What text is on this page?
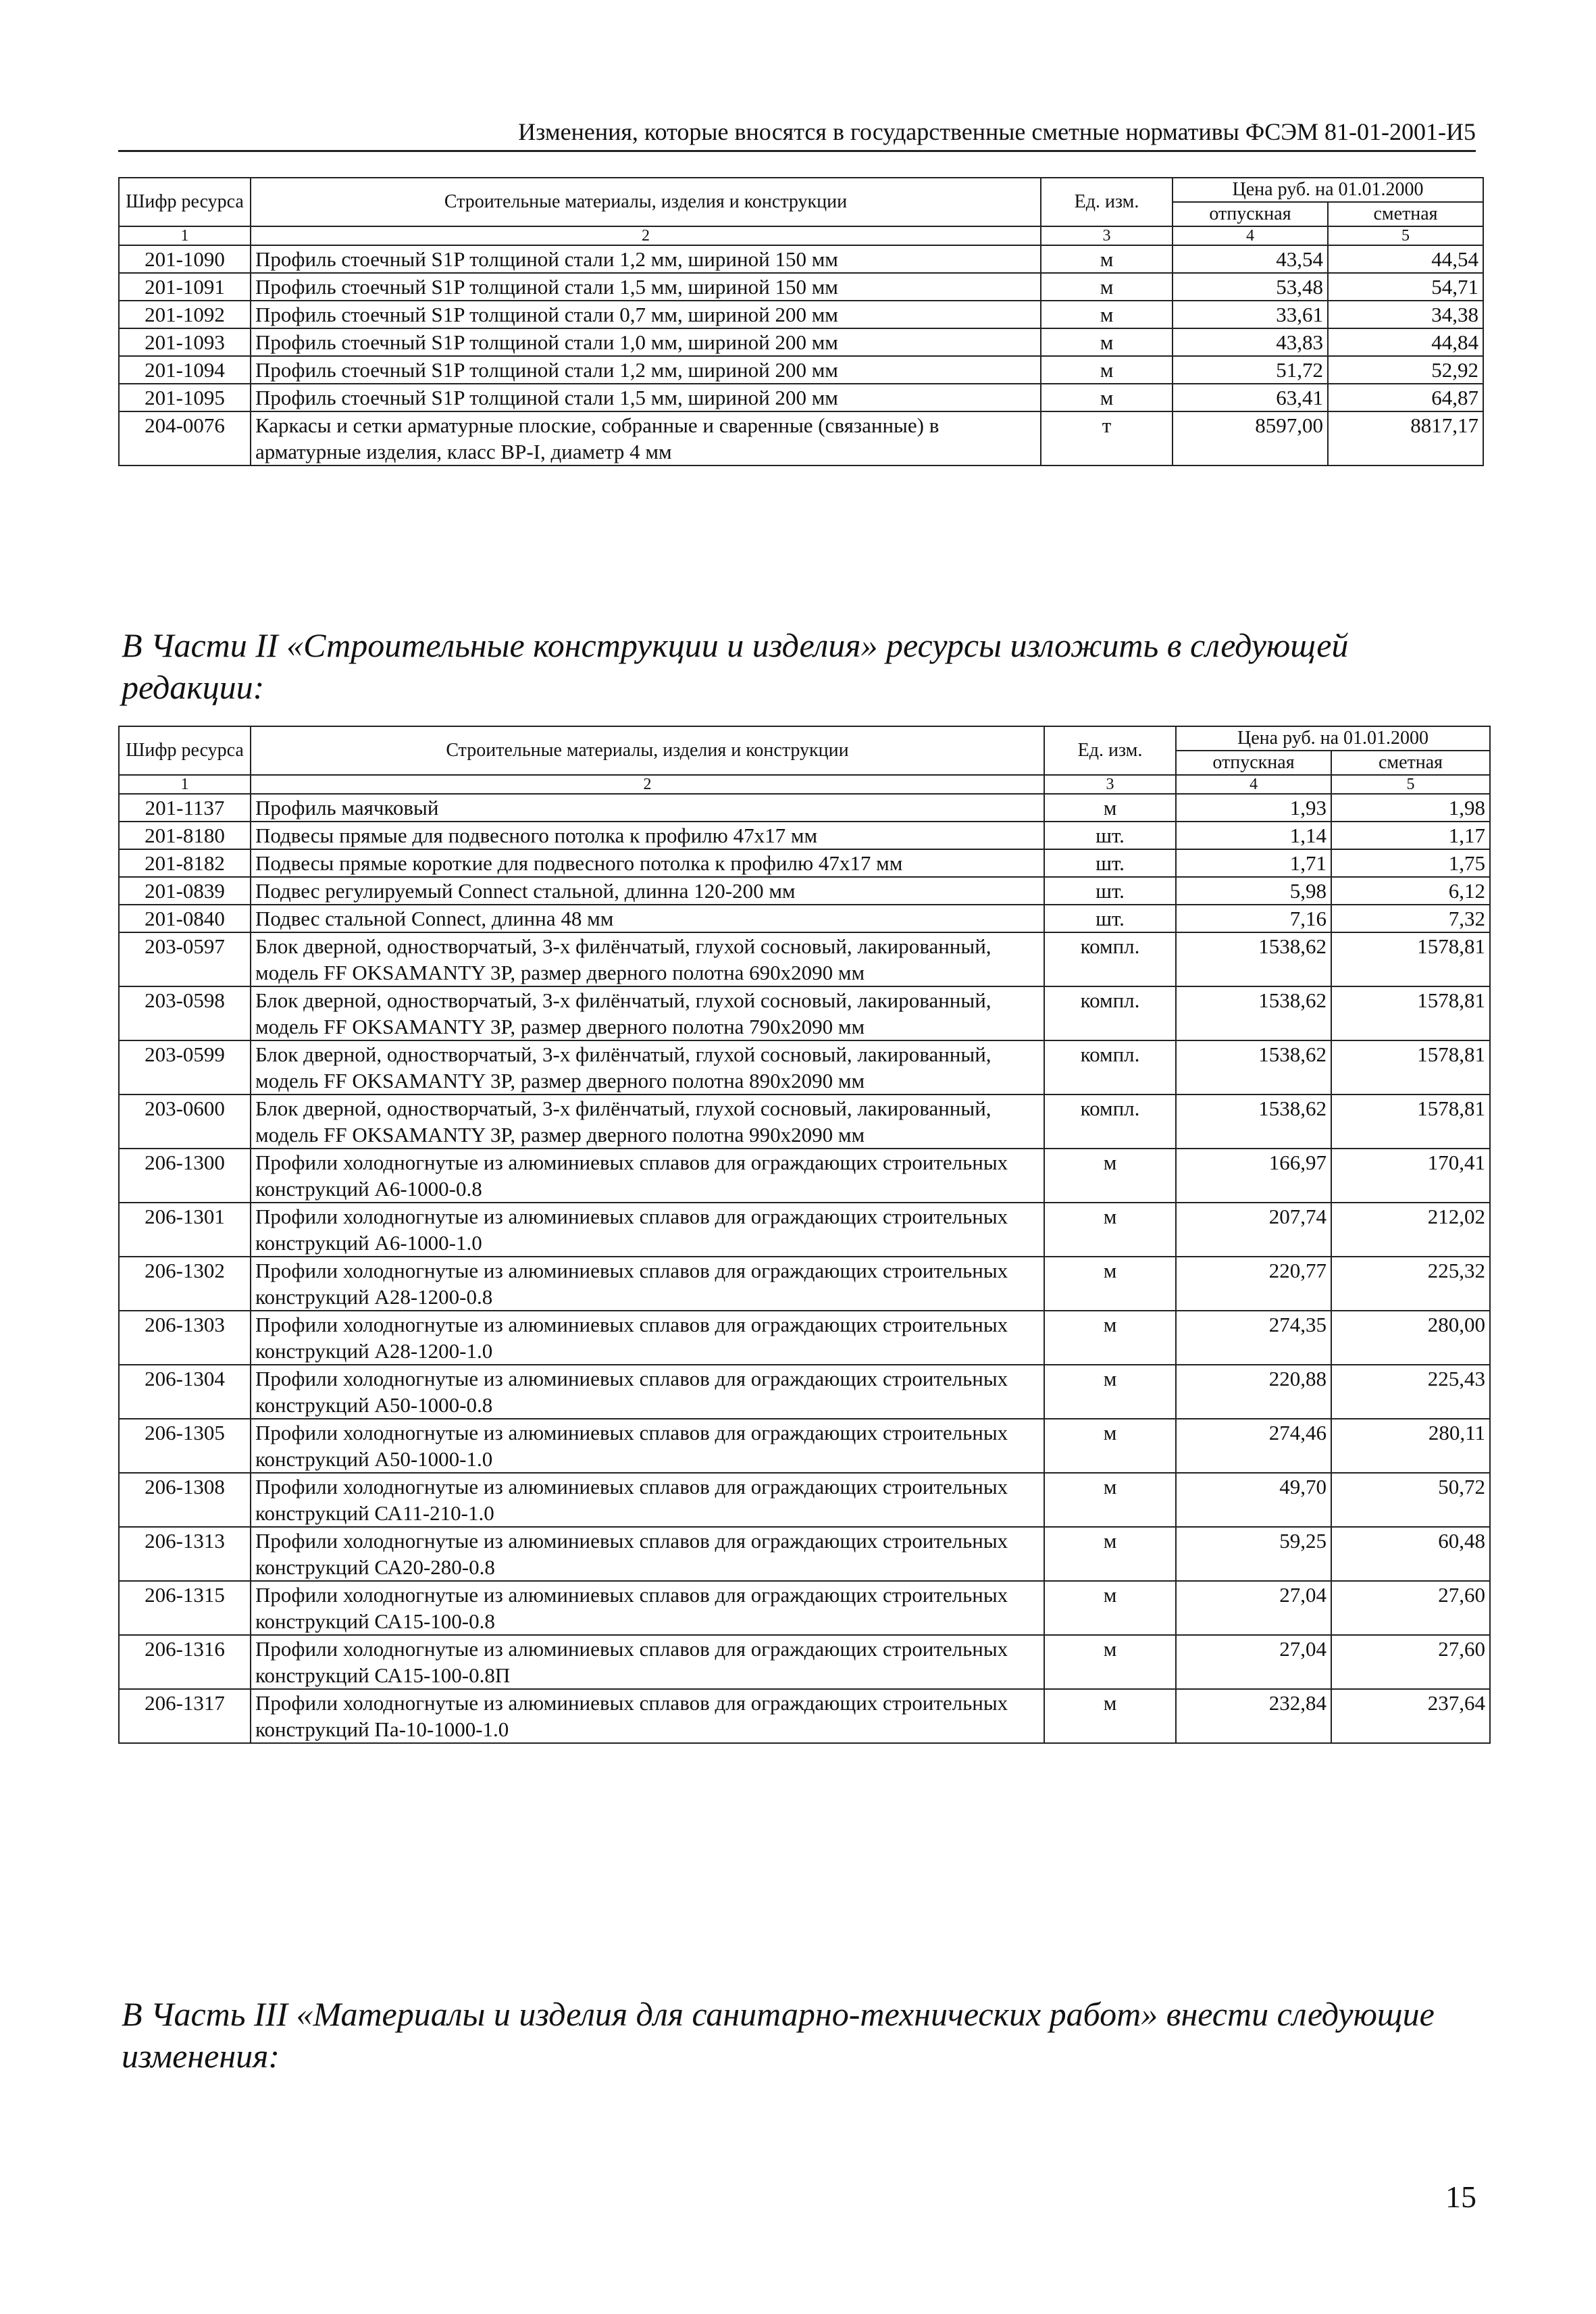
Изменения, которые вносятся в государственные сметные нормативы ФСЭМ 81-01-2001-И5
Шифр ресурса	Строительные материалы, изделия и конструкции	Ед. изм.	Цена руб. на 01.01.2000	
			отпускная	сметная
1	2	3	4	5
201-1090	Профиль стоечный S1P толщиной стали 1,2 мм, шириной 150 мм	м	43,54	44,54
201-1091	Профиль стоечный S1P толщиной стали 1,5 мм, шириной 150 мм	м	53,48	54,71
201-1092	Профиль стоечный S1P толщиной стали 0,7 мм, шириной 200 мм	м	33,61	34,38
201-1093	Профиль стоечный S1P толщиной стали 1,0 мм, шириной 200 мм	м	43,83	44,84
201-1094	Профиль стоечный S1P толщиной стали 1,2 мм, шириной 200 мм	м	51,72	52,92
201-1095	Профиль стоечный S1P толщиной стали 1,5 мм, шириной 200 мм	м	63,41	64,87
204-0076	Каркасы и сетки арматурные плоские, собранные и сваренные (связанные) в арматурные изделия, класс ВР-I, диаметр 4 мм	т	8597,00	8817,17
В Части II «Строительные конструкции и изделия» ресурсы изложить в следующей редакции:
Шифр ресурса	Строительные материалы, изделия и конструкции	Ед. изм.	Цена руб. на 01.01.2000	
			отпускная	сметная
1	2	3	4	5
201-1137	Профиль маячковый	м	1,93	1,98
201-8180	Подвесы прямые для подвесного потолка к профилю 47х17 мм	шт.	1,14	1,17
201-8182	Подвесы прямые короткие для подвесного потолка к профилю 47х17 мм	шт.	1,71	1,75
201-0839	Подвес регулируемый Connect стальной, длинна 120-200 мм	шт.	5,98	6,12
201-0840	Подвес стальной Connect, длинна 48 мм	шт.	7,16	7,32
203-0597	Блок дверной, одностворчатый, 3-х филёнчатый, глухой сосновый, лакированный, модель FF OKSAMANTY 3P, размер дверного полотна 690х2090 мм	компл.	1538,62	1578,81
203-0598	Блок дверной, одностворчатый, 3-х филёнчатый, глухой сосновый, лакированный, модель FF OKSAMANTY 3P, размер дверного полотна 790х2090 мм	компл.	1538,62	1578,81
203-0599	Блок дверной, одностворчатый, 3-х филёнчатый, глухой сосновый, лакированный, модель FF OKSAMANTY 3P, размер дверного полотна 890х2090 мм	компл.	1538,62	1578,81
203-0600	Блок дверной, одностворчатый, 3-х филёнчатый, глухой сосновый, лакированный, модель FF OKSAMANTY 3P, размер дверного полотна 990х2090 мм	компл.	1538,62	1578,81
206-1300	Профили холодногнутые из алюминиевых сплавов для ограждающих строительных конструкций А6-1000-0.8	м	166,97	170,41
206-1301	Профили холодногнутые из алюминиевых сплавов для ограждающих строительных конструкций А6-1000-1.0	м	207,74	212,02
206-1302	Профили холодногнутые из алюминиевых сплавов для ограждающих строительных конструкций А28-1200-0.8	м	220,77	225,32
206-1303	Профили холодногнутые из алюминиевых сплавов для ограждающих строительных конструкций А28-1200-1.0	м	274,35	280,00
206-1304	Профили холодногнутые из алюминиевых сплавов для ограждающих строительных конструкций А50-1000-0.8	м	220,88	225,43
206-1305	Профили холодногнутые из алюминиевых сплавов для ограждающих строительных конструкций А50-1000-1.0	м	274,46	280,11
206-1308	Профили холодногнутые из алюминиевых сплавов для ограждающих строительных конструкций СА11-210-1.0	м	49,70	50,72
206-1313	Профили холодногнутые из алюминиевых сплавов для ограждающих строительных конструкций СА20-280-0.8	м	59,25	60,48
206-1315	Профили холодногнутые из алюминиевых сплавов для ограждающих строительных конструкций СА15-100-0.8	м	27,04	27,60
206-1316	Профили холодногнутые из алюминиевых сплавов для ограждающих строительных конструкций СА15-100-0.8П	м	27,04	27,60
206-1317	Профили холодногнутые из алюминиевых сплавов для ограждающих строительных конструкций Па-10-1000-1.0	м	232,84	237,64
В Часть III «Материалы и изделия для санитарно-технических работ» внести следующие изменения:
15
